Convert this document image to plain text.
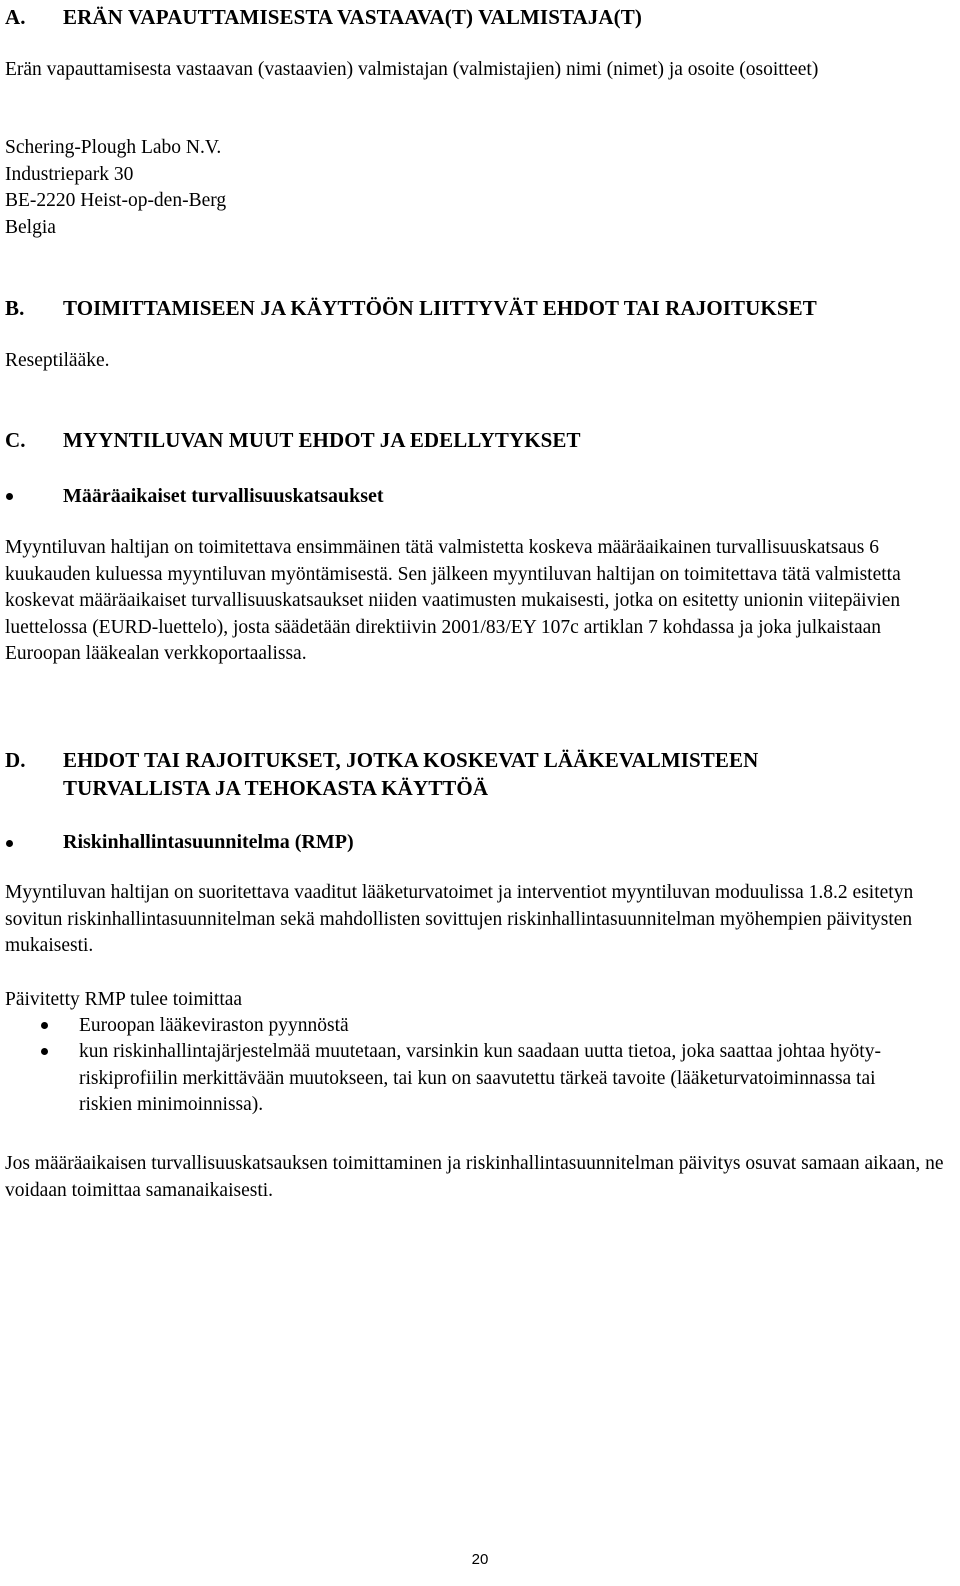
A. ERÄN VAPAUTTAMISESTA VASTAAVA(T) VALMISTAJA(T)

Erän vapauttamisesta vastaavan (vastaavien) valmistajan (valmistajien) nimi (nimet) ja osoite (osoitteet)

Schering-Plough Labo N.V.
Industriepark 30
BE-2220 Heist-op-den-Berg
Belgia
B. TOIMITTAMISEEN JA KÄYTTÖÖN LIITTYVÄT EHDOT TAI RAJOITUKSET

Reseptilääke.

C. MYYNTILUVAN MUUT EHDOT JA EDELLYTYKSET
Määräaikaiset turvallisuuskatsaukset

Myyntiluvan haltijan on toimitettava ensimmäinen tätä valmistetta koskeva määräaikainen turvallisuuskatsaus 6 kuukauden kuluessa myyntiluvan myöntämisestä. Sen jälkeen myyntiluvan haltijan on toimitettava tätä valmistetta koskevat määräaikaiset turvallisuuskatsaukset niiden vaatimusten mukaisesti, jotka on esitetty unionin viitepäivien luettelossa (EURD-luettelo), josta säädetään direktiivin 2001/83/EY 107c artiklan 7 kohdassa ja joka julkaistaan Euroopan lääkealan verkkoportaalissa.

D. EHDOT TAI RAJOITUKSET, JOTKA KOSKEVAT LÄÄKEVALMISTEEN
TURVALLISTA JA TEHOKASTA KÄYTTÖÄ
Riskinhallintasuunnitelma (RMP)

Myyntiluvan haltijan on suoritettava vaaditut lääketurvatoimet ja interventiot myyntiluvan moduulissa 1.8.2 esitetyn sovitun riskinhallintasuunnitelman sekä mahdollisten sovittujen riskinhallintasuunnitelman myöhempien päivitysten mukaisesti.

Päivitetty RMP tulee toimittaa

Euroopan lääkeviraston pyynnöstä

kun riskinhallintajärjestelmää muutetaan, varsinkin kun saadaan uutta tietoa, joka saattaa johtaa hyöty-riskiprofiilin merkittävään muutokseen, tai kun on saavutettu tärkeä tavoite (lääketurvatoiminnassa tai riskien minimoinnissa).

Jos määräaikaisen turvallisuuskatsauksen toimittaminen ja riskinhallintasuunnitelman päivitys osuvat samaan aikaan, ne voidaan toimittaa samanaikaisesti.

20
